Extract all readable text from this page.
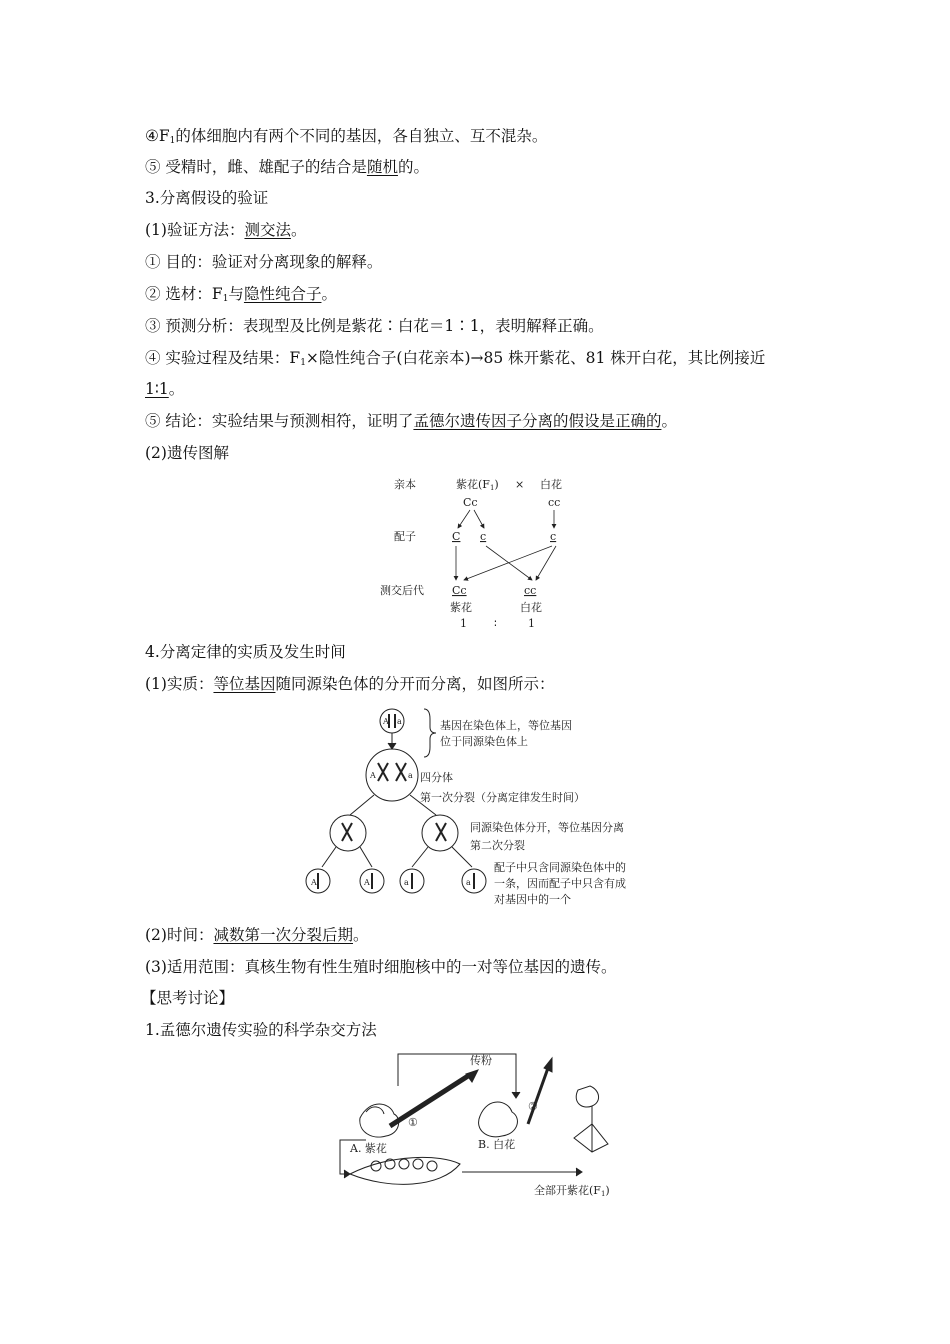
$④F_1$的体细胞内有两个不同的基因，各自独立、互不混杂。
⑤ 受精时，雌、雄配子的结合是随机的。
3.分离假设的验证
(1)验证方法：测交法。
① 目的：验证对分离现象的解释。
② 选材：$F_1$与隐性纯合子。
③ 预测分析：表现型及比例是紫花∶白花＝1∶1，表明解释正确。
④ 实验过程及结果：$F_1\times$隐性纯合子(白花亲本)→85 株开紫花、81 株开白花，其比例接近
1∶1。
⑤ 结论：实验结果与预测相符，证明了孟德尔遗传因子分离的假设是正确的。
(2)遗传图解
亲本	紫花(F1) × 白花
Cc	cc
配子	C c	c
测交后代	Cc	cc
紫花	白花
1 ∶	1
4.分离定律的实质及发生时间
(1)实质：等位基因随同源染色体的分开而分离，如图所示：
A a
A	a
A	A	a	a
基因在染色体上，等位基因
位于同源染色体上
四分体
第一次分裂（分离定律发生时间）
同源染色体分开，等位基因分离
第二次分裂
配子中只含同源染色体中的
一条，因而配子中只含有成
对基因中的一个
(2)时间：减数第一次分裂后期。
(3)适用范围：真核生物有性生殖时细胞核中的一对等位基因的遗传。
【思考讨论】
1.孟德尔遗传实验的科学杂交方法
传粉
①
②
A. 紫花	B. 白花
全部开紫花(F1)
